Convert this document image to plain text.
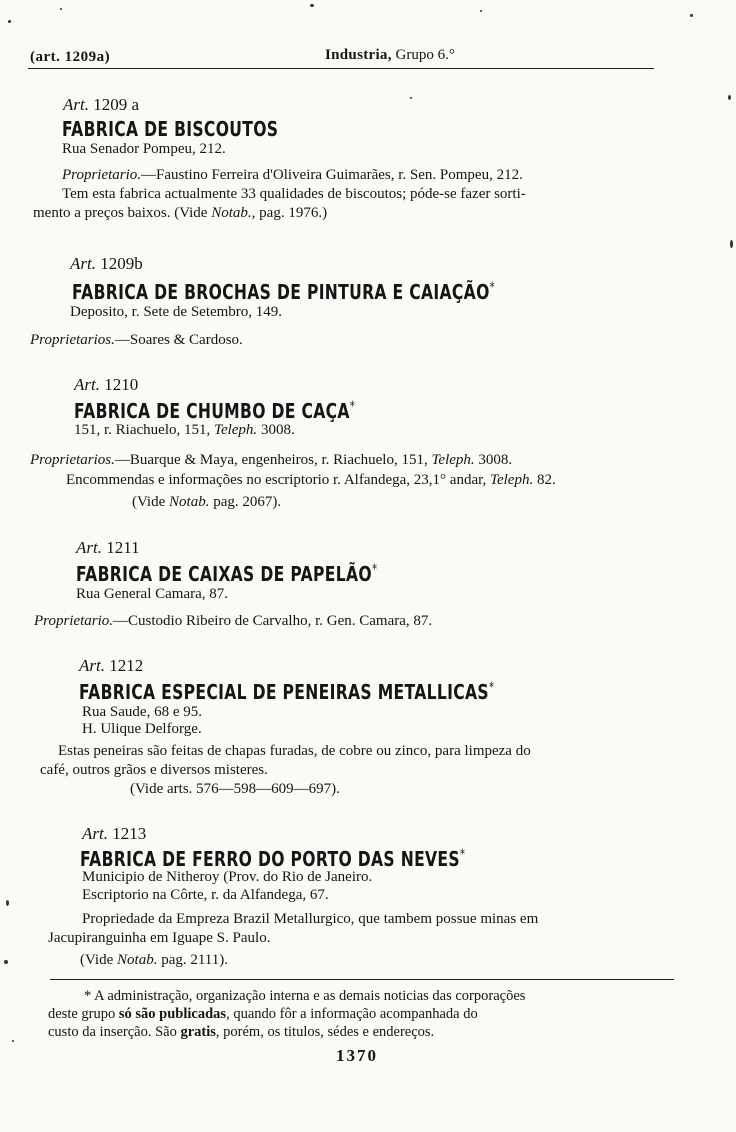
(art. 1209a)	Industria, Grupo 6.°
Art. 1209 a
FABRICA DE BISCOUTOS
Rua Senador Pompeu, 212.
Proprietario.—Faustino Ferreira d'Oliveira Guimarães, r. Sen. Pompeu, 212.
Tem esta fabrica actualmente 33 qualidades de biscoutos; póde-se fazer sorti-
mento a preços baixos. (Vide Notab., pag. 1976.)
Art. 1209b
FABRICA DE BROCHAS DE PINTURA E CAIAÇÃO*
Deposito, r. Sete de Setembro, 149.
Proprietarios.—Soares & Cardoso.
Art. 1210
FABRICA DE CHUMBO DE CAÇA*
151, r. Riachuelo, 151, Teleph. 3008.
Proprietarios.—Buarque & Maya, engenheiros, r. Riachuelo, 151, Teleph. 3008.
Encommendas e informações no escriptorio r. Alfandega, 23,1° andar, Teleph. 82.
(Vide Notab. pag. 2067).
Art. 1211
FABRICA DE CAIXAS DE PAPELÃO*
Rua General Camara, 87.
Proprietario.—Custodio Ribeiro de Carvalho, r. Gen. Camara, 87.
Art. 1212
FABRICA ESPECIAL DE PENEIRAS METALLICAS*
Rua Saude, 68 e 95.
H. Ulique Delforge.
Estas peneiras são feitas de chapas furadas, de cobre ou zinco, para limpeza do
café, outros grãos e diversos misteres.
(Vide arts. 576—598—609—697).
Art. 1213
FABRICA DE FERRO DO PORTO DAS NEVES*
Municipio de Nitheroy (Prov. do Rio de Janeiro.
Escriptorio na Côrte, r. da Alfandega, 67.
Propriedade da Empreza Brazil Metallurgico, que tambem possue minas em
Jacupiranguinha em Iguape S. Paulo.
(Vide Notab. pag. 2111).
* A administração, organização interna e as demais noticias das corporações
deste grupo só são publicadas, quando fôr a informação acompanhada do
custo da inserção. São gratis, porém, os titulos, sédes e endereços.
1370
